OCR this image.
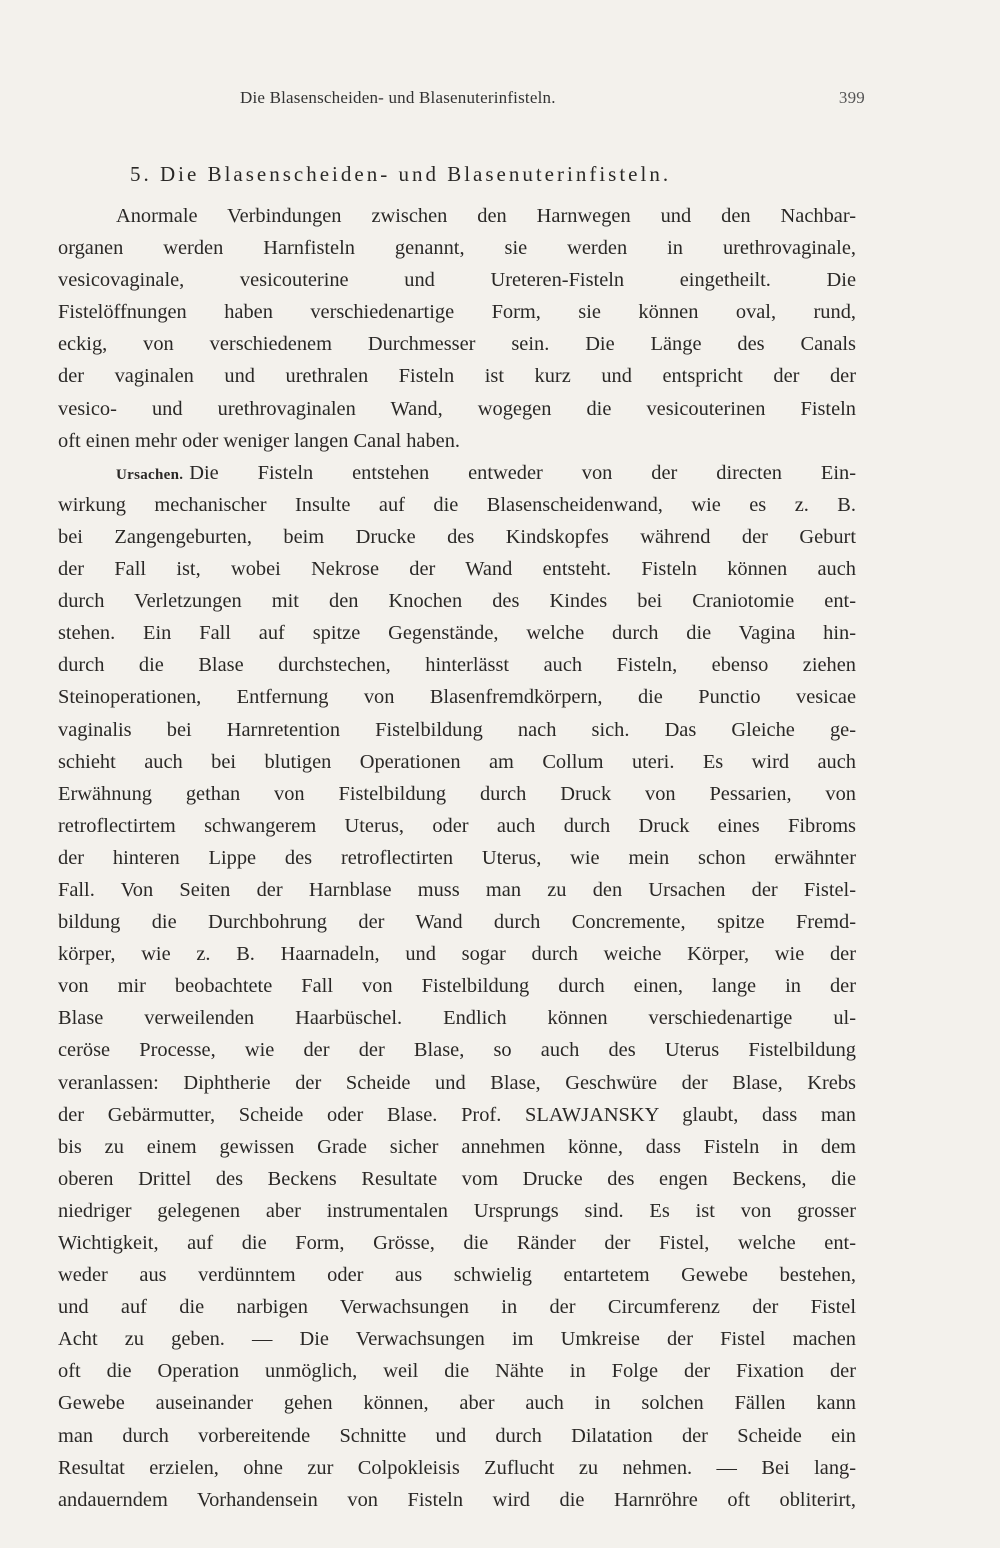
Die Blasenscheiden- und Blasenuterinfisteln.	399
5. Die Blasenscheiden- und Blasenuterinfisteln.
Anormale Verbindungen zwischen den Harnwegen und den Nachbar-
organen werden Harnfisteln genannt, sie werden in urethrovaginale,
vesicovaginale, vesicouterine und Ureteren-Fisteln eingetheilt. Die
Fistelöffnungen haben verschiedenartige Form, sie können oval, rund,
eckig, von verschiedenem Durchmesser sein. Die Länge des Canals
der vaginalen und urethralen Fisteln ist kurz und entspricht der der
vesico- und urethrovaginalen Wand, wogegen die vesicouterinen Fisteln
oft einen mehr oder weniger langen Canal haben.
Ursachen. Die Fisteln entstehen entweder von der directen Ein-
wirkung mechanischer Insulte auf die Blasenscheidenwand, wie es z. B.
bei Zangengeburten, beim Drucke des Kindskopfes während der Geburt
der Fall ist, wobei Nekrose der Wand entsteht. Fisteln können auch
durch Verletzungen mit den Knochen des Kindes bei Craniotomie ent-
stehen. Ein Fall auf spitze Gegenstände, welche durch die Vagina hin-
durch die Blase durchstechen, hinterlässt auch Fisteln, ebenso ziehen
Steinoperationen, Entfernung von Blasenfremdkörpern, die Punctio vesicae
vaginalis bei Harnretention Fistelbildung nach sich. Das Gleiche ge-
schieht auch bei blutigen Operationen am Collum uteri. Es wird auch
Erwähnung gethan von Fistelbildung durch Druck von Pessarien, von
retroflectirtem schwangerem Uterus, oder auch durch Druck eines Fibroms
der hinteren Lippe des retroflectirten Uterus, wie mein schon erwähnter
Fall. Von Seiten der Harnblase muss man zu den Ursachen der Fistel-
bildung die Durchbohrung der Wand durch Concremente, spitze Fremd-
körper, wie z. B. Haarnadeln, und sogar durch weiche Körper, wie der
von mir beobachtete Fall von Fistelbildung durch einen, lange in der
Blase verweilenden Haarbüschel. Endlich können verschiedenartige ul-
ceröse Processe, wie der der Blase, so auch des Uterus Fistelbildung
veranlassen: Diphtherie der Scheide und Blase, Geschwüre der Blase, Krebs
der Gebärmutter, Scheide oder Blase. Prof. SLAWJANSKY glaubt, dass man
bis zu einem gewissen Grade sicher annehmen könne, dass Fisteln in dem
oberen Drittel des Beckens Resultate vom Drucke des engen Beckens, die
niedriger gelegenen aber instrumentalen Ursprungs sind. Es ist von grosser
Wichtigkeit, auf die Form, Grösse, die Ränder der Fistel, welche ent-
weder aus verdünntem oder aus schwielig entartetem Gewebe bestehen,
und auf die narbigen Verwachsungen in der Circumferenz der Fistel
Acht zu geben. — Die Verwachsungen im Umkreise der Fistel machen
oft die Operation unmöglich, weil die Nähte in Folge der Fixation der
Gewebe auseinander gehen können, aber auch in solchen Fällen kann
man durch vorbereitende Schnitte und durch Dilatation der Scheide ein
Resultat erzielen, ohne zur Colpokleisis Zuflucht zu nehmen. — Bei lang-
andauerndem Vorhandensein von Fisteln wird die Harnröhre oft obliterirt,
